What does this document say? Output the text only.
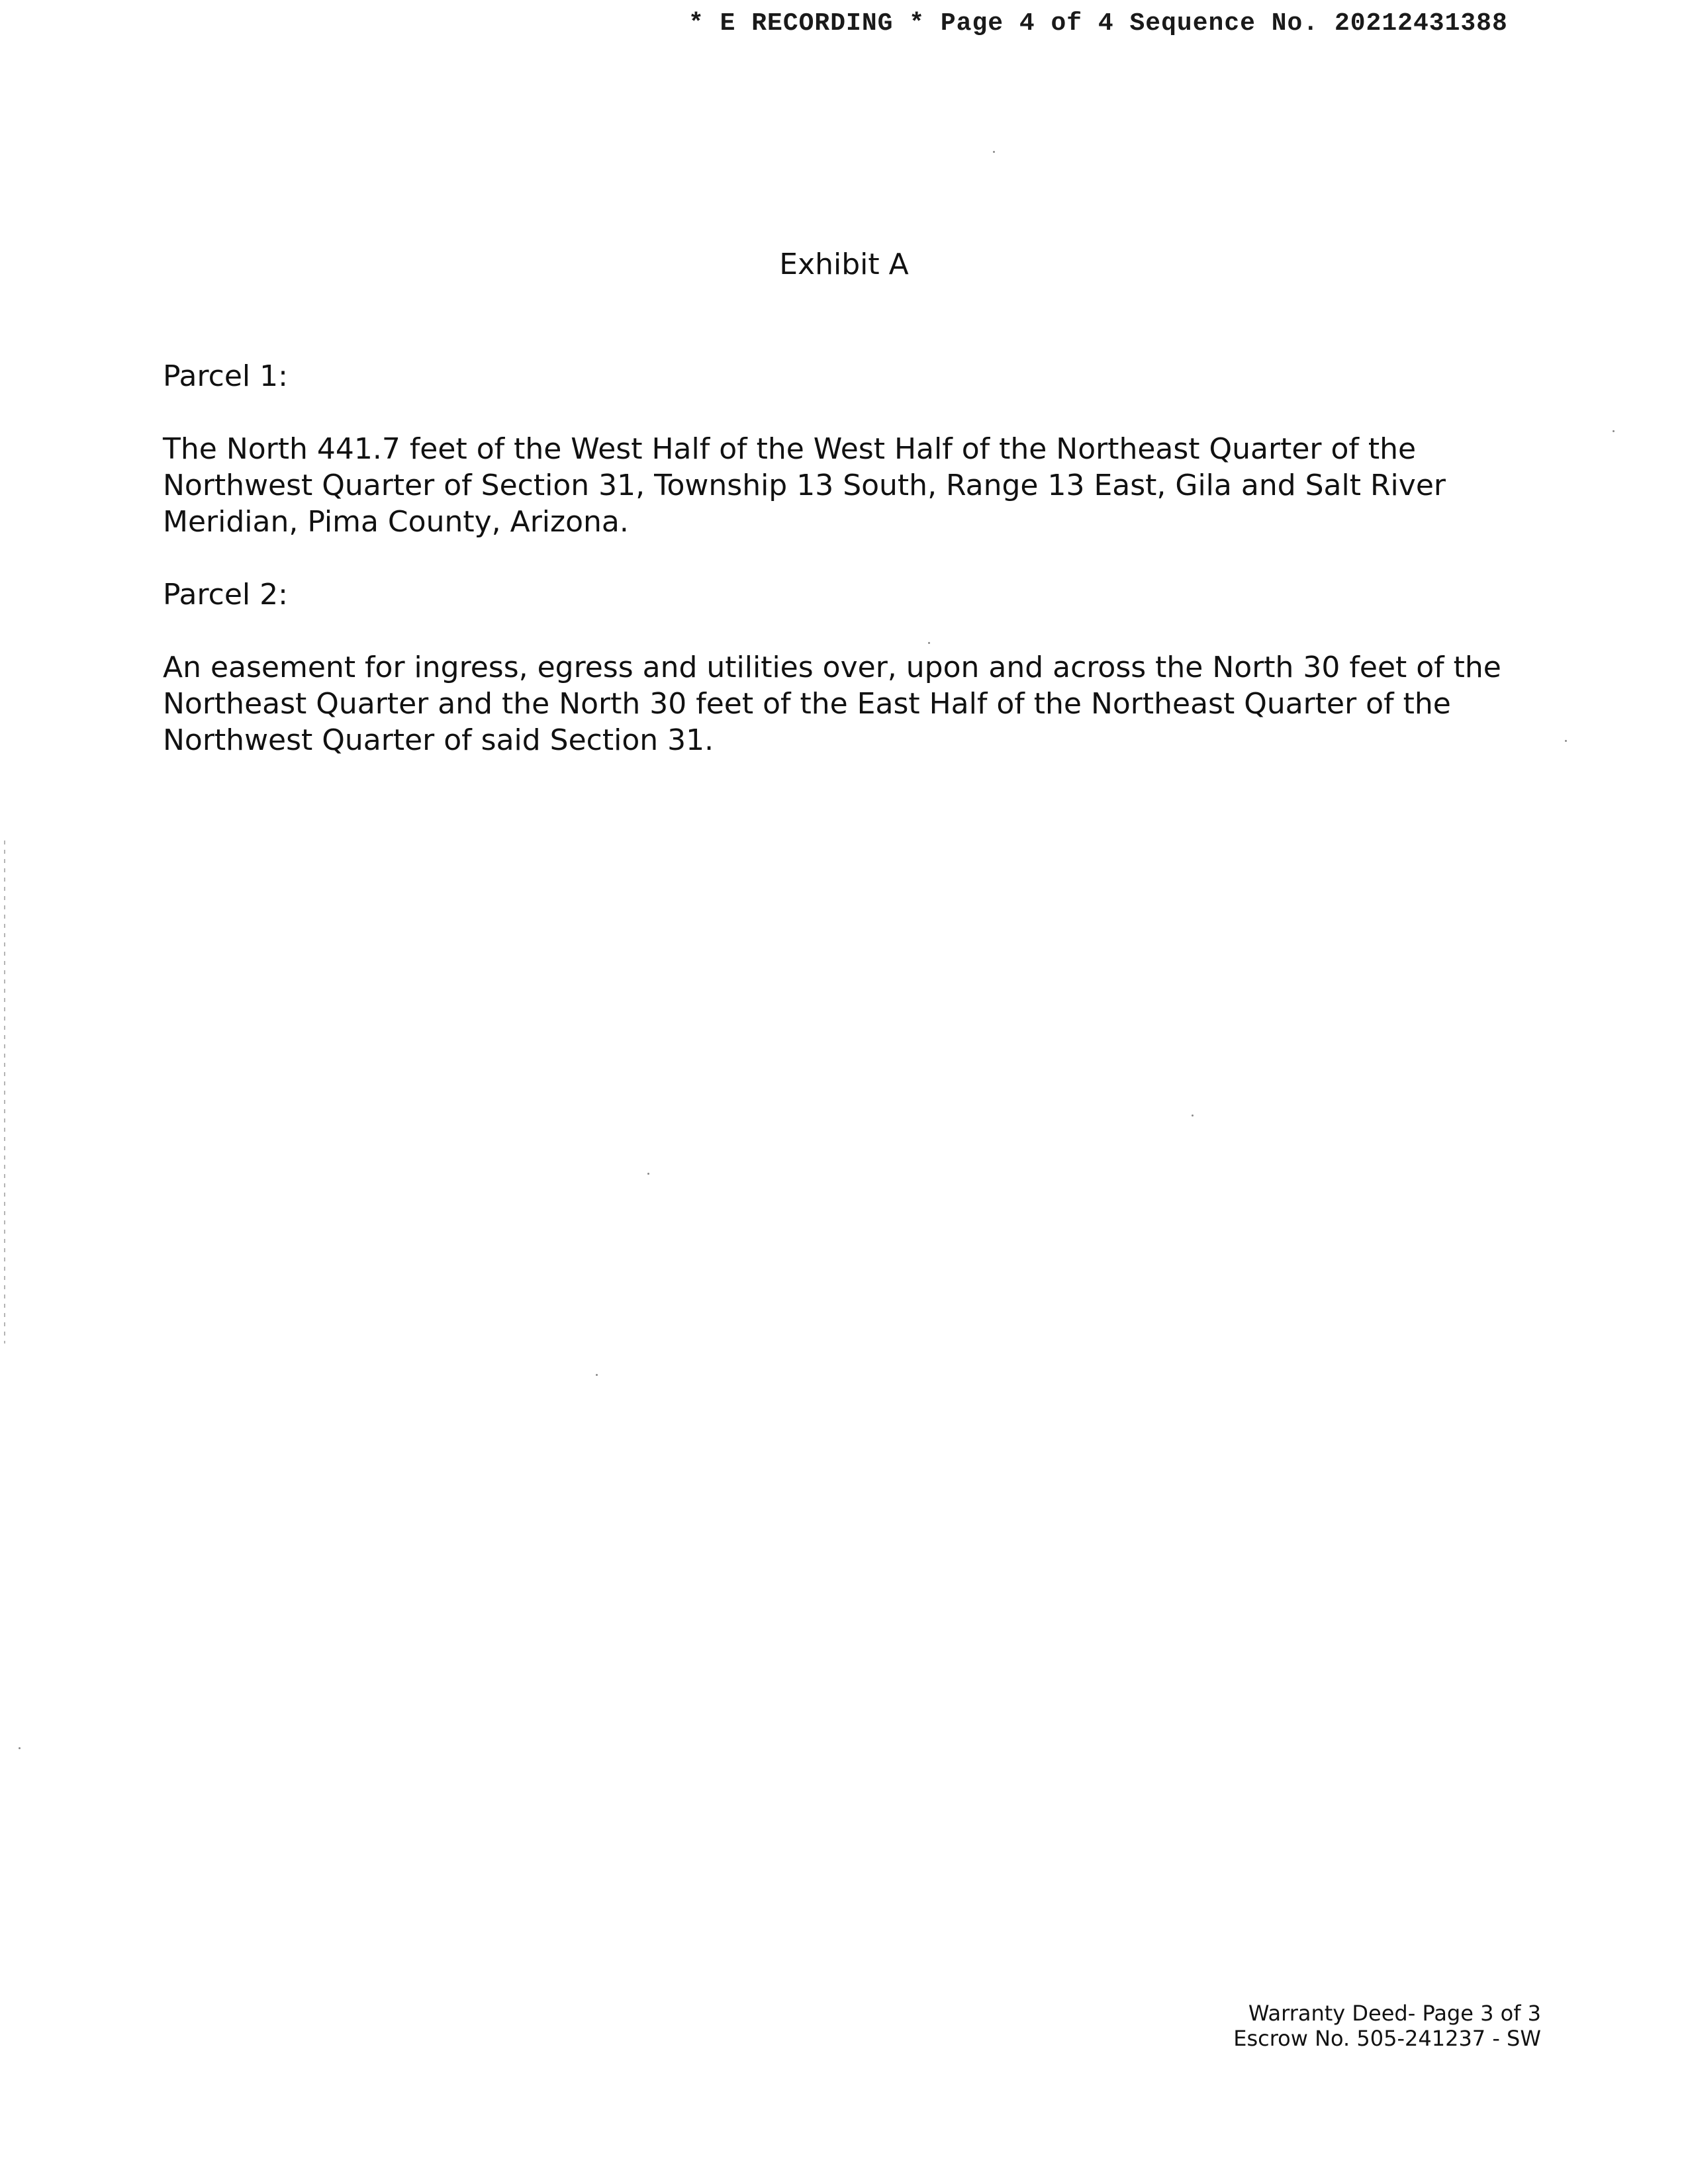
* E RECORDING * Page 4 of 4 Sequence No. 20212431388
Exhibit A
Parcel 1:
The North 441.7 feet of the West Half of the West Half of the Northeast Quarter of the Northwest Quarter of Section 31, Township 13 South, Range 13 East, Gila and Salt River Meridian, Pima County, Arizona.
Parcel 2:
An easement for ingress, egress and utilities over, upon and across the North 30 feet of the Northeast Quarter and the North 30 feet of the East Half of the Northeast Quarter of the Northwest Quarter of said Section 31.
Warranty Deed- Page 3 of 3
Escrow No. 505-241237 - SW
